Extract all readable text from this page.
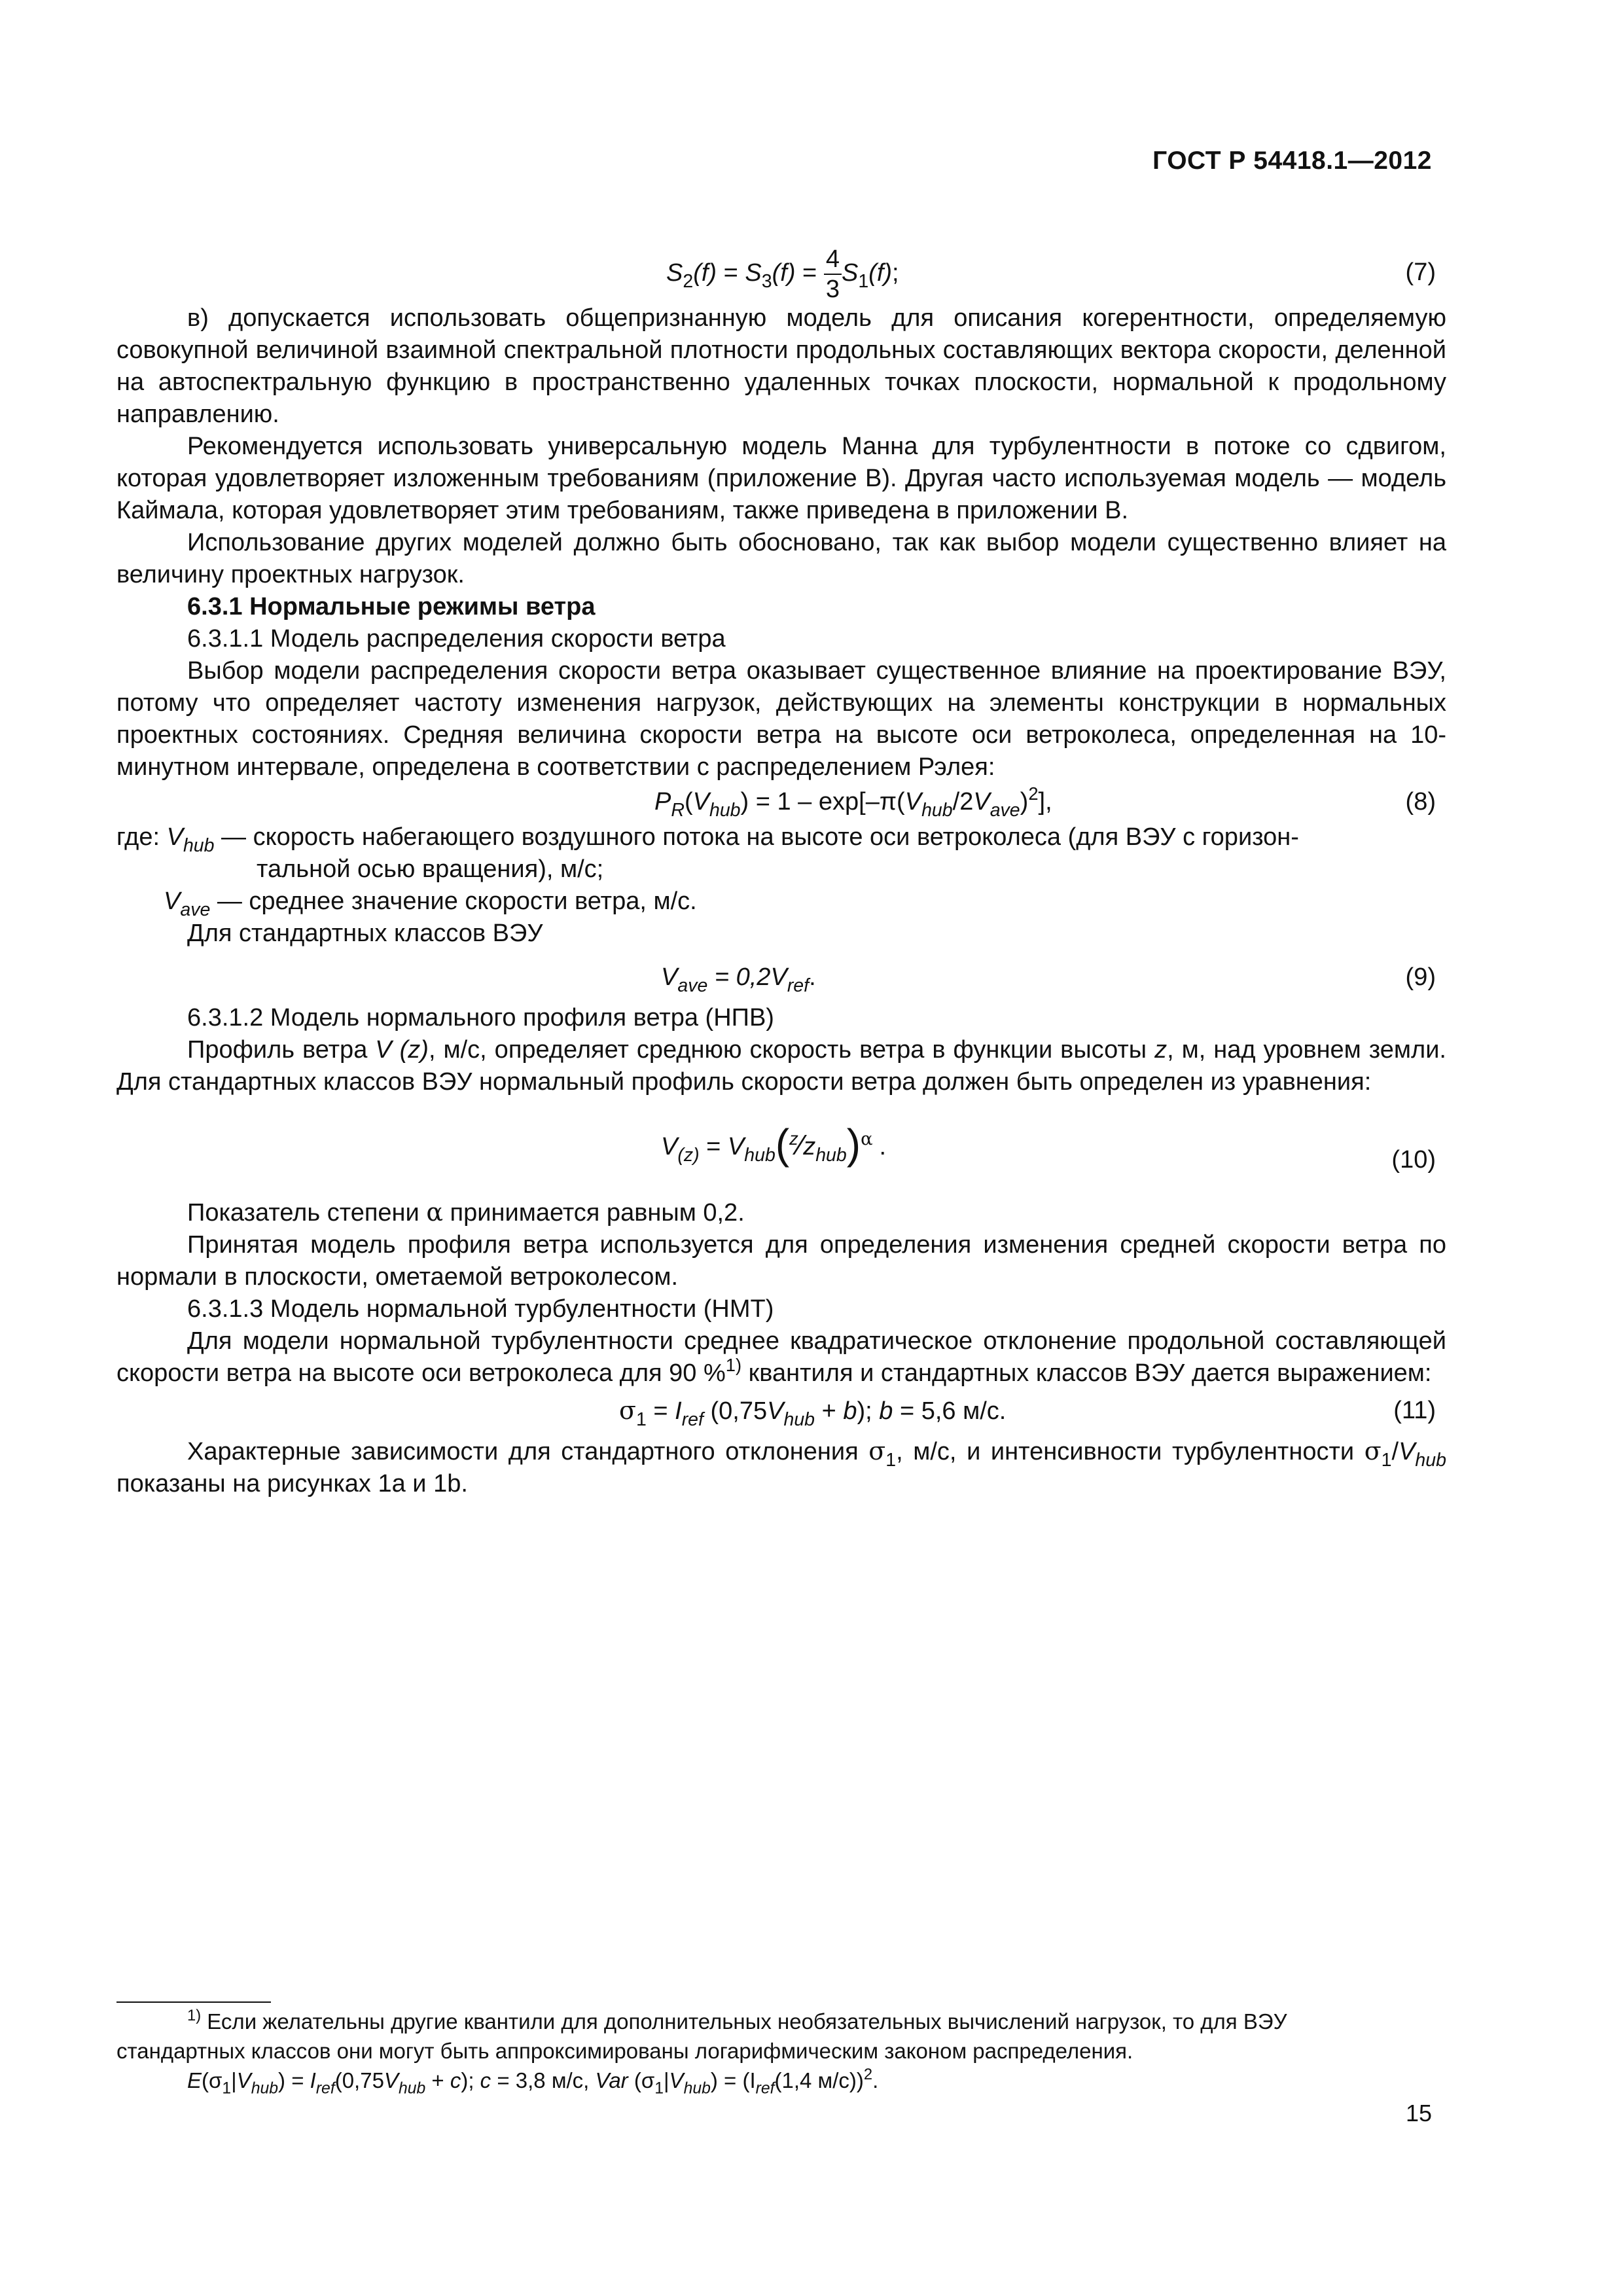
ГОСТ Р 54418.1—2012
$S_2(f) = S_3(f) = \frac{4}{3} S_1(f)$;	(7)

в) допускается использовать общепризнанную модель для описания когерентности, определяемую совокупной величиной взаимной спектральной плотности продольных составляющих вектора скорости, деленной на автоспектральную функцию в пространственно удаленных точках плоскости, нормальной к продольному направлению.

Рекомендуется использовать универсальную модель Манна для турбулентности в потоке со сдвигом, которая удовлетворяет изложенным требованиям (приложение В). Другая часто используемая модель — модель Каймала, которая удовлетворяет этим требованиям, также приведена в приложении В.

Использование других моделей должно быть обосновано, так как выбор модели существенно влияет на величину проектных нагрузок.

6.3.1 Нормальные режимы ветра

6.3.1.1 Модель распределения скорости ветра

Выбор модели распределения скорости ветра оказывает существенное влияние на проектирование ВЭУ, потому что определяет частоту изменения нагрузок, действующих на элементы конструкции в нормальных проектных состояниях. Средняя величина скорости ветра на высоте оси ветроколеса, определенная на 10-минутном интервале, определена в соответствии с распределением Рэлея:

$P_R(V_{hub}) = 1 - \exp[-\pi(V_{hub}/2V_{ave})^2]$,	(8)

где: $V_{hub}$ — скорость набегающего воздушного потока на высоте оси ветроколеса (для ВЭУ с горизон-

тальной осью вращения), м/с;

$V_{ave}$ — среднее значение скорости ветра, м/с.

Для стандартных классов ВЭУ

$V_{ave} = 0,2V_{ref}$.	(9)

6.3.1.2 Модель нормального профиля ветра (НПВ)

Профиль ветра V (z), м/с, определяет среднюю скорость ветра в функции высоты z, м, над уровнем земли. Для стандартных классов ВЭУ нормальный профиль скорости ветра должен быть определен из уравнения:

$V_{(z)}$ = $V_{hub}(^z⁄z_{hub})^\alpha$ .	(10)

Показатель степени α принимается равным 0,2.

Принятая модель профиля ветра используется для определения изменения средней скорости ветра по нормали в плоскости, ометаемой ветроколесом.

6.3.1.3 Модель нормальной турбулентности (НМТ)

Для модели нормальной турбулентности среднее квадратическое отклонение продольной составляющей скорости ветра на высоте оси ветроколеса для 90 %$^{1)}$ квантиля и стандартных классов ВЭУ дается выражением:

$\sigma_1 = I_{ref}$ $(0,75V_{hub} + b)$; b = 5,6 м/с.	(11)

Характерные зависимости для стандартного отклонения $\sigma_1$, м/с, и интенсивности турбулентности $\sigma_1/V_{hub}$ показаны на рисунках 1а и 1b.

$^{1)}$ Если желательны другие квантили для дополнительных необязательных вычислений нагрузок, то для ВЭУ

стандартных классов они могут быть аппроксимированы логарифмическим законом распределения.

$E(\sigma_1|V_{hub}) = I_{ref}(0,75V_{hub} + c)$; c = 3,8 м/с, Var $(\sigma_1|V_{hub}) = (I_{ref}(1,4$ м/с))$^2$.

15
